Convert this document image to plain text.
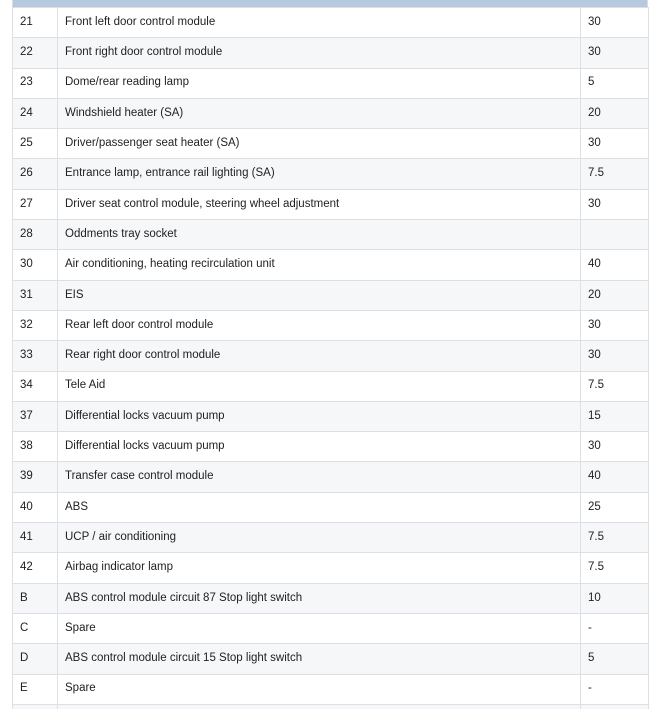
21	Front left door control module	30
22	Front right door control module	30
23	Dome/rear reading lamp	5
24	Windshield heater (SA)	20
25	Driver/passenger seat heater (SA)	30
26	Entrance lamp, entrance rail lighting (SA)	7.5
27	Driver seat control module, steering wheel adjustment	30
28	Oddments tray socket	
30	Air conditioning, heating recirculation unit	40
31	EIS	20
32	Rear left door control module	30
33	Rear right door control module	30
34	Tele Aid	7.5
37	Differential locks vacuum pump	15
38	Differential locks vacuum pump	30
39	Transfer case control module	40
40	ABS	25
41	UCP / air conditioning	7.5
42	Airbag indicator lamp	7.5
B	ABS control module circuit 87 Stop light switch	10
C	Spare	-
D	ABS control module circuit 15 Stop light switch	5
E	Spare	-
